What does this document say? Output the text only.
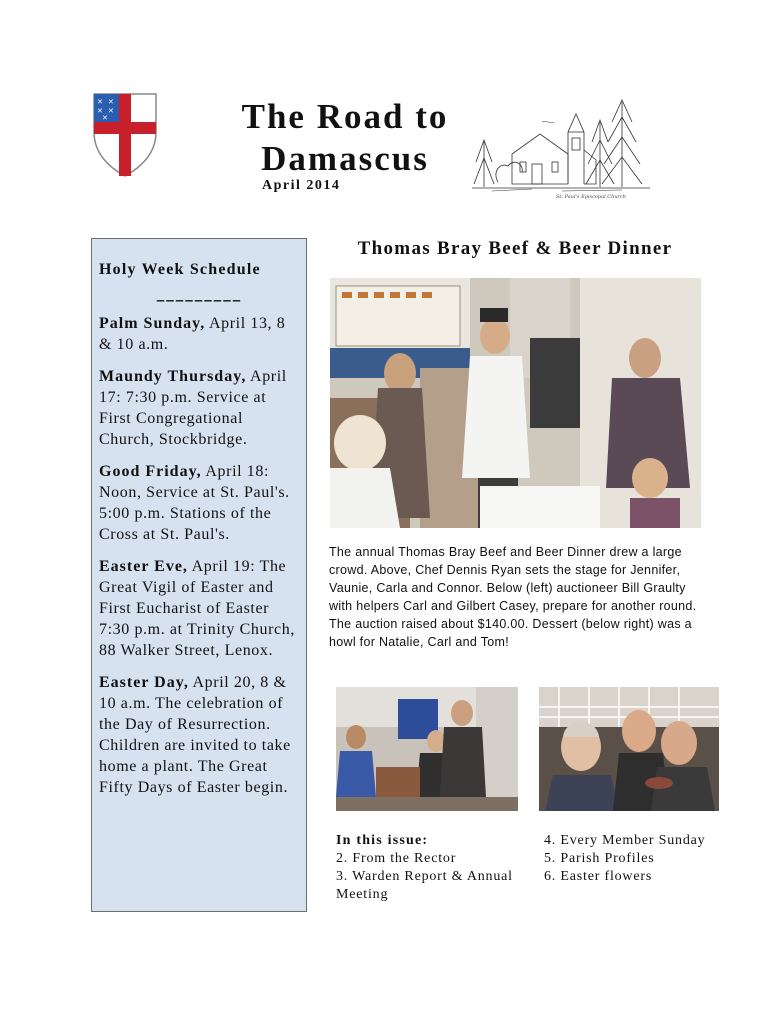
✕ ✕
✕ ✕
✕	The Road to Damascus
April 2014
St. Paul's Episcopal Church
Holy Week Schedule
_________
Palm Sunday, April 13, 8 & 10 a.m.
Maundy Thursday, April 17: 7:30 p.m. Service at First Congregational Church, Stockbridge.
Good Friday, April 18: Noon, Service at St. Paul's. 5:00 p.m. Stations of the Cross at St. Paul's.
Easter Eve, April 19: The Great Vigil of Easter and First Eucharist of Easter 7:30 p.m. at Trinity Church, 88 Walker Street, Lenox.
Easter Day, April 20, 8 & 10 a.m. The celebration of the Day of Resurrection. Children are invited to take home a plant. The Great Fifty Days of Easter begin.
Thomas Bray Beef & Beer Dinner
The annual Thomas Bray Beef and Beer Dinner drew a large crowd. Above, Chef Dennis Ryan sets the stage for Jennifer, Vaunie, Carla and Connor. Below (left) auctioneer Bill Graulty with helpers Carl and Gilbert Casey, prepare for another round. The auction raised about $140.00. Dessert (below right) was a howl for Natalie, Carl and Tom!
In this issue:
2. From the Rector
3. Warden Report & Annual Meeting
4. Every Member Sunday
5. Parish Profiles
6. Easter flowers
